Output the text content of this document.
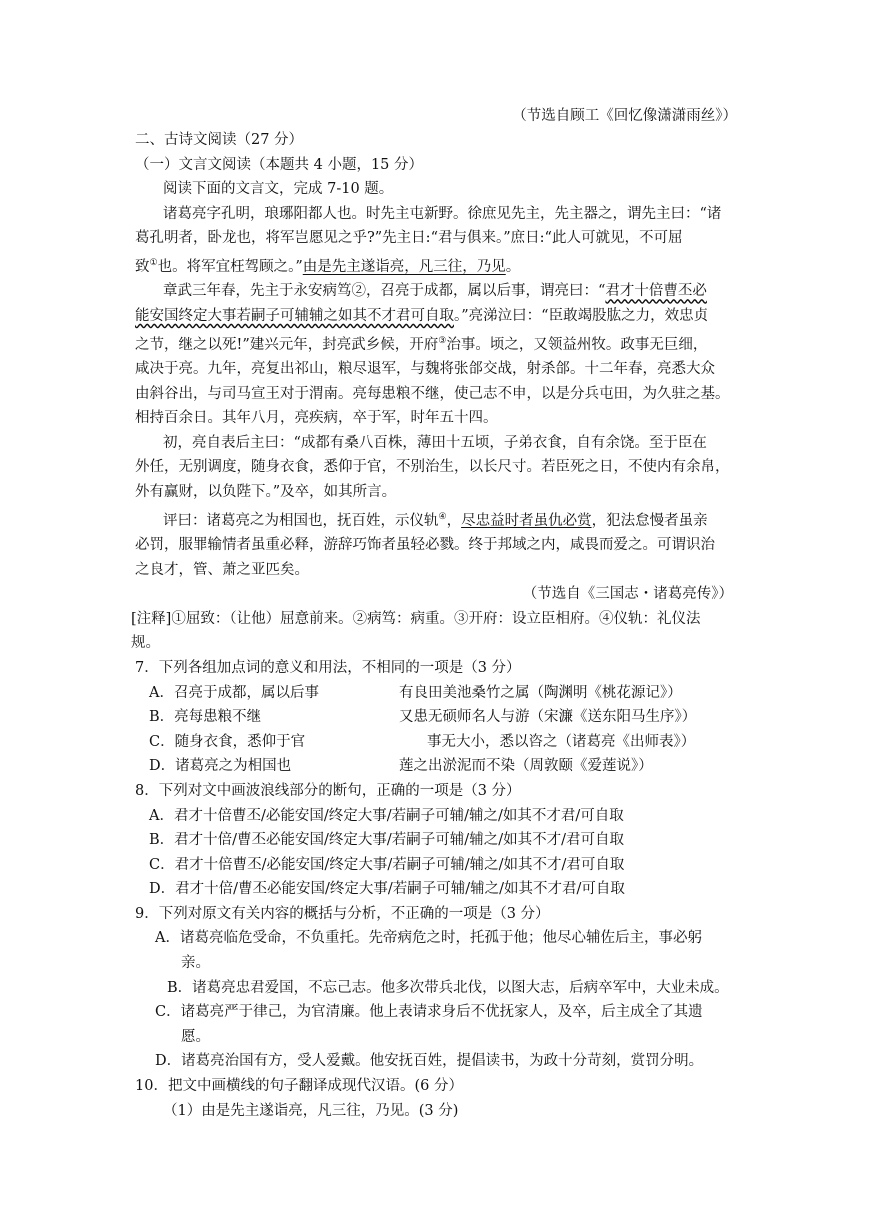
（节选自顾工《回忆像潇潇雨丝》）
二、古诗文阅读（27 分）
（一）文言文阅读（本题共 4 小题，15 分）
阅读下面的文言文，完成 7-10 题。
诸葛亮字孔明，琅琊阳都人也。时先主屯新野。徐庶见先主，先主器之，谓先主曰：“诸
葛孔明者，卧龙也，将军岂愿见之乎?”先主日:“君与俱来。”庶日:“此人可就见，不可屈
致①也。将军宜枉驾顾之。”由是先主遂诣亮，凡三往，乃见。
章武三年春，先主于永安病笃②，召亮于成都，属以后事，谓亮曰：“君才十倍曹丕必
能安国终定大事若嗣子可辅辅之如其不才君可自取。”亮涕泣曰：“臣敢竭股肱之力，效忠贞
之节，继之以死!”建兴元年，封亮武乡候，开府③治事。顷之，又领益州牧。政事无巨细，
咸决于亮。九年，亮复出祁山，粮尽退军，与魏将张郃交战，射杀郃。十二年春，亮悉大众
由斜谷出，与司马宣王对于渭南。亮每患粮不继，使己志不申，以是分兵屯田，为久驻之基。
相持百余日。其年八月，亮疾病，卒于军，时年五十四。
初，亮自表后主曰：“成都有桑八百株，薄田十五顷，子弟衣食，自有余饶。至于臣在
外任，无别调度，随身衣食，悉仰于官，不别治生，以长尺寸。若臣死之日，不使内有余帛，
外有赢财，以负陛下。”及卒，如其所言。
评曰：诸葛亮之为相国也，抚百姓，示仪轨④，尽忠益时者虽仇必赏，犯法怠慢者虽亲
必罚，服罪输情者虽重必释，游辞巧饰者虽轻必戮。终于邦域之内，咸畏而爱之。可谓识治
之良才，管、萧之亚匹矣。
（节选自《三国志・诸葛亮传》）
[注释]①屈致：（让他）屈意前来。②病笃：病重。③开府：设立臣相府。④仪轨：礼仪法
规。
7．下列各组加点词的意义和用法，不相同的一项是（3 分）
A．召亮于成都，属以后事	有良田美池桑竹之属（陶渊明《桃花源记》）
B．亮每患粮不继	又患无硕师名人与游（宋濂《送东阳马生序》）
C．随身衣食，悉仰于官	事无大小，悉以咨之（诸葛亮《出师表》）
D．诸葛亮之为相国也	莲之出淤泥而不染（周敦颐《爱莲说》）
8．下列对文中画波浪线部分的断句，正确的一项是（3 分）
A．君才十倍曹丕/必能安国/终定大事/若嗣子可辅/辅之/如其不才君/可自取
B．君才十倍/曹丕必能安国/终定大事/若嗣子可辅/辅之/如其不才/君可自取
C．君才十倍曹丕/必能安国/终定大事/若嗣子可辅/辅之/如其不才/君可自取
D．君才十倍/曹丕必能安国/终定大事/若嗣子可辅/辅之/如其不才君/可自取
9．下列对原文有关内容的概括与分析，不正确的一项是（3 分）
A．诸葛亮临危受命，不负重托。先帝病危之时，托孤于他；他尽心辅佐后主，事必躬
亲。
B．诸葛亮忠君爱国，不忘己志。他多次带兵北伐，以图大志，后病卒军中，大业未成。
C．诸葛亮严于律己，为官清廉。他上表请求身后不优抚家人，及卒，后主成全了其遗
愿。
D．诸葛亮治国有方，受人爱戴。他安抚百姓，提倡读书，为政十分苛刻，赏罚分明。
10．把文中画横线的句子翻译成现代汉语。(6 分）
（1）由是先主遂诣亮，凡三往，乃见。(3 分)
